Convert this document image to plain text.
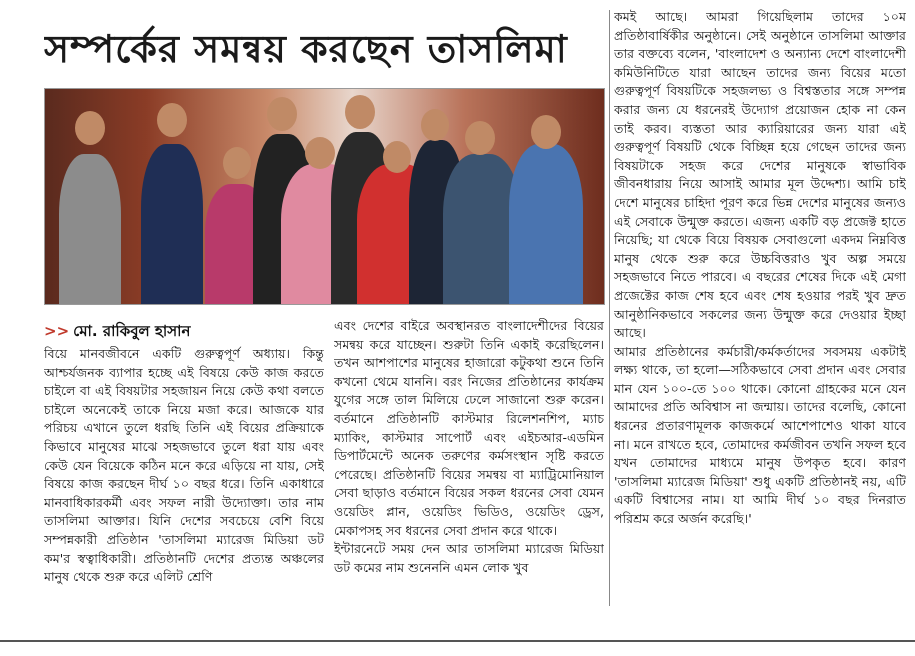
সম্পর্কের সমন্বয় করছেন তাসলিমা
>> মো. রাকিবুল হাসান

বিয়ে মানবজীবনে একটি গুরুত্বপূর্ণ অধ্যায়। কিন্তু আশ্চর্যজনক ব্যাপার হচ্ছে এই বিষয়ে কেউ কাজ করতে চাইলে বা এই বিষয়টার সহজায়ন নিয়ে কেউ কথা বলতে চাইলে অনেকেই তাকে নিয়ে মজা করে। আজকে যার পরিচয় এখানে তুলে ধরছি তিনি এই বিয়ের প্রক্রিয়াকে কিভাবে মানুষের মাঝে সহজভাবে তুলে ধরা যায় এবং কেউ যেন বিয়েকে কঠিন মনে করে এড়িয়ে না যায়, সেই বিষয়ে কাজ করছেন দীর্ঘ ১০ বছর ধরে। তিনি একাধারে মানবাধিকারকর্মী এবং সফল নারী উদ্যোক্তা। তার নাম তাসলিমা আক্তার। যিনি দেশের সবচেয়ে বেশি বিয়ে সম্পন্নকারী প্রতিষ্ঠান 'তাসলিমা ম্যারেজ মিডিয়া ডট কম'র স্বত্বাধিকারী। প্রতিষ্ঠানটি দেশের প্রত্যন্ত অঞ্চলের মানুষ থেকে শুরু করে এলিট শ্রেণি

এবং দেশের বাইরে অবস্থানরত বাংলাদেশীদের বিয়ের সমন্বয় করে যাচ্ছেন। শুরুটা তিনি একাই করেছিলেন। তখন আশপাশের মানুষের হাজারো কটুকথা শুনে তিনি কখনো থেমে যাননি। বরং নিজের প্রতিষ্ঠানের কার্যক্রম যুগের সঙ্গে তাল মিলিয়ে ঢেলে সাজানো শুরু করেন। বর্তমানে প্রতিষ্ঠানটি কাস্টমার রিলেশনশিপ, ম্যাচ ম্যাকিং, কাস্টমার সাপোর্ট এবং এইচআর-এডমিন ডিপার্টমেন্টে অনেক তরুণের কর্মসংস্থান সৃষ্টি করতে পেরেছে। প্রতিষ্ঠানটি বিয়ের সমন্বয় বা ম্যাট্রিমোনিয়াল সেবা ছাড়াও বর্তমানে বিয়ের সকল ধরনের সেবা যেমন ওয়েডিং প্লান, ওয়েডিং ভিডিও, ওয়েডিং ড্রেস, মেকাপসহ সব ধরনের সেবা প্রদান করে থাকে।

ইন্টারনেটে সময় দেন আর তাসলিমা ম্যারেজ মিডিয়া ডট কমের নাম শুনেননি এমন লোক খুব

কমই আছে। আমরা গিয়েছিলাম তাদের ১০ম প্রতিষ্ঠাবার্ষিকীর অনুষ্ঠানে। সেই অনুষ্ঠানে তাসলিমা আক্তার তার বক্তব্যে বলেন, 'বাংলাদেশ ও অন্যান্য দেশে বাংলাদেশী কমিউনিটিতে যারা আছেন তাদের জন্য বিয়ের মতো গুরুত্বপূর্ণ বিষয়টিকে সহজলভ্য ও বিশ্বস্ততার সঙ্গে সম্পন্ন করার জন্য যে ধরনেরই উদ্যোগ প্রয়োজন হোক না কেন তাই করব। ব্যস্ততা আর ক্যারিয়ারের জন্য যারা এই গুরুত্বপূর্ণ বিষয়টি থেকে বিচ্ছিন্ন হয়ে গেছেন তাদের জন্য বিষয়টাকে সহজ করে দেশের মানুষকে স্বাভাবিক জীবনধারায় নিয়ে আসাই আমার মূল উদ্দেশ্য। আমি চাই দেশে মানুষের চাহিদা পূরণ করে ভিন্ন দেশের মানুষের জন্যও এই সেবাকে উন্মুক্ত করতে। এজন্য একটি বড় প্রজেক্ট হাতে নিয়েছি; যা থেকে বিয়ে বিষয়ক সেবাগুলো একদম নিম্নবিত্ত মানুষ থেকে শুরু করে উচ্চবিত্তরাও খুব অল্প সময়ে সহজভাবে নিতে পারবে। এ বছরের শেষের দিকে এই মেগা প্রজেক্টের কাজ শেষ হবে এবং শেষ হওয়ার পরই খুব দ্রুত আনুষ্ঠানিকভাবে সকলের জন্য উন্মুক্ত করে দেওয়ার ইচ্ছা আছে।

আমার প্রতিষ্ঠানের কর্মচারী/কর্মকর্তাদের সবসময় একটাই লক্ষ্য থাকে, তা হলো—সঠিকভাবে সেবা প্রদান এবং সেবার মান যেন ১০০-তে ১০০ থাকে। কোনো গ্রাহকের মনে যেন আমাদের প্রতি অবিশ্বাস না জন্মায়। তাদের বলেছি, কোনো ধরনের প্রতারণামূলক কাজকর্মে আশেপাশেও থাকা যাবে না। মনে রাখতে হবে, তোমাদের কর্মজীবন তখনি সফল হবে যখন তোমাদের মাধ্যমে মানুষ উপকৃত হবে। কারণ 'তাসলিমা ম্যারেজ মিডিয়া' শুধু একটি প্রতিষ্ঠানই নয়, এটি একটি বিশ্বাসের নাম। যা আমি দীর্ঘ ১০ বছর দিনরাত পরিশ্রম করে অর্জন করেছি।'
